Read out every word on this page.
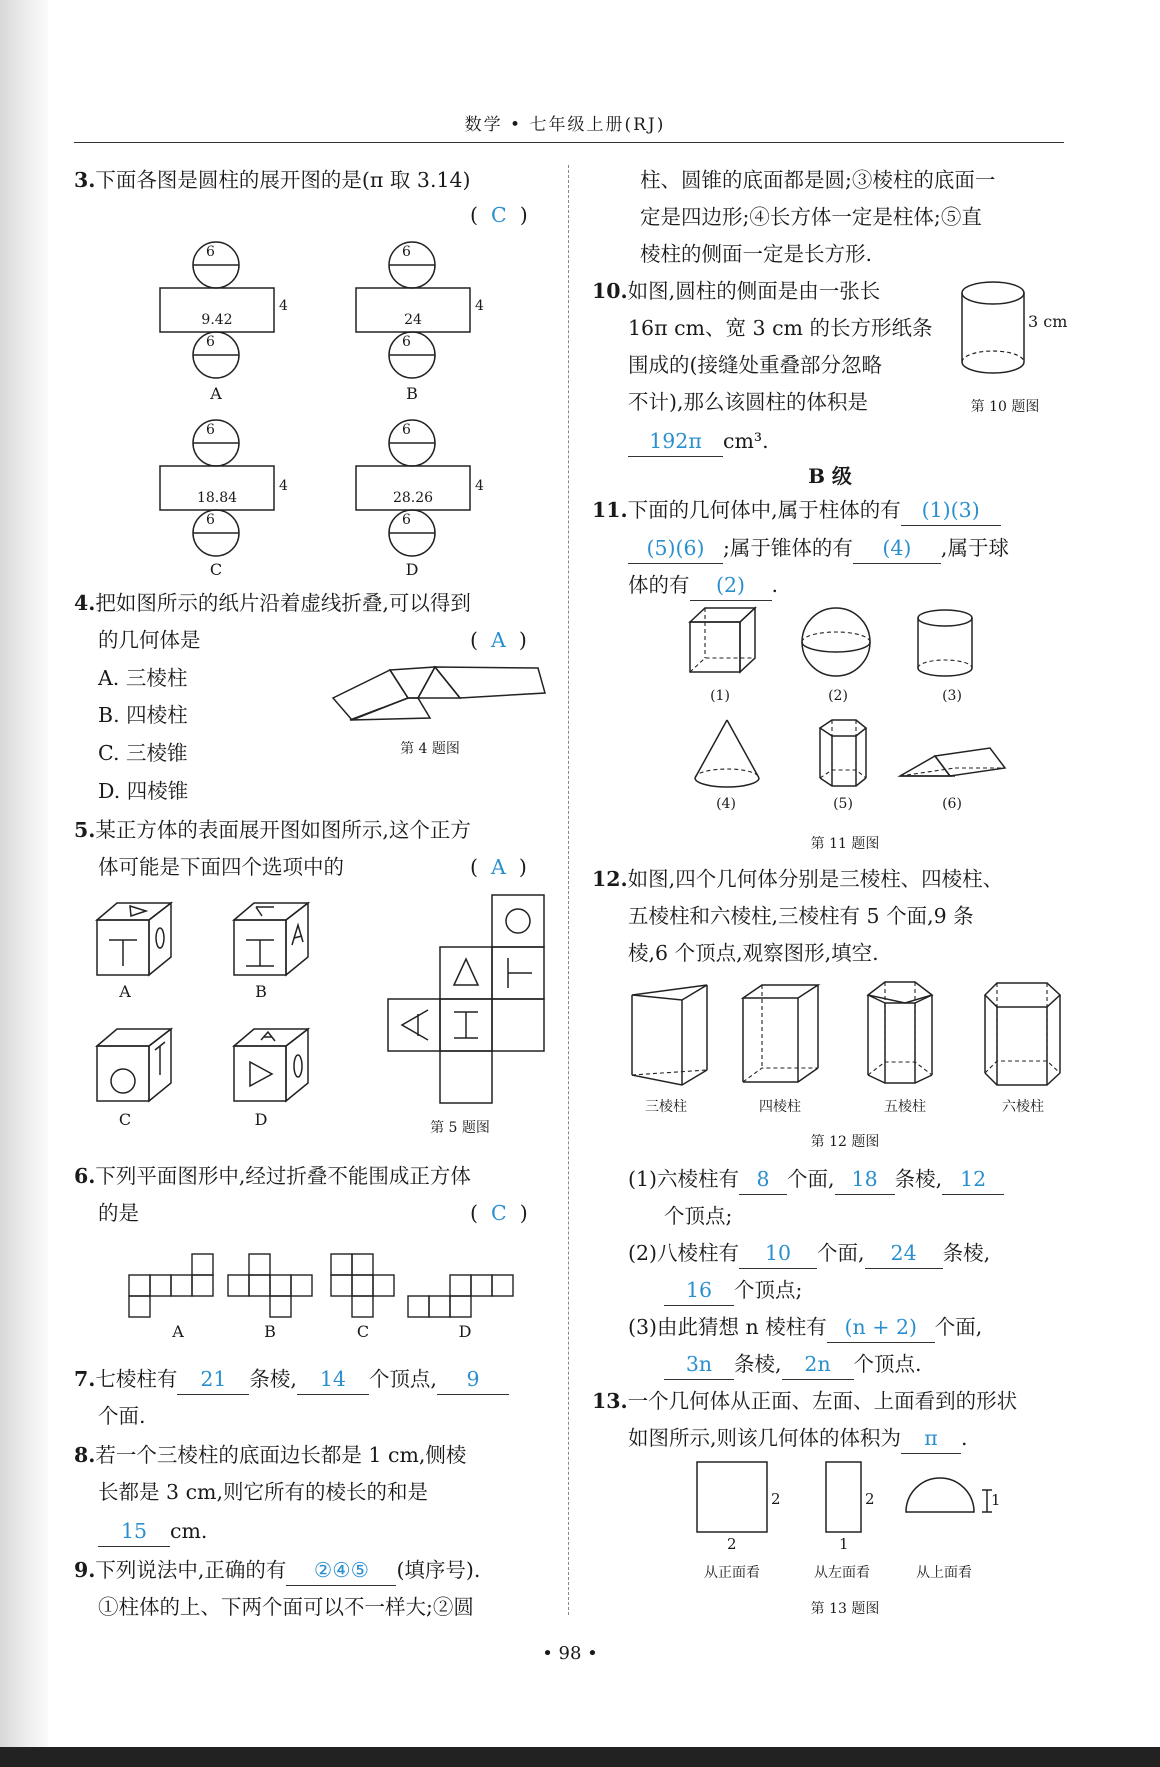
数学 • 七年级上册(RJ)
3.下面各图是圆柱的展开图的是(π 取 3.14)
(  C  )
6
6
6
6
6
6
6
6
4	4
4	4
9.42	24
18.84	28.26
A	B
C	D
4.把如图所示的纸片沿着虚线折叠,可以得到
的几何体是	(  A  )
A. 三棱柱
B. 四棱柱
C. 三棱锥
D. 四棱锥
第 4 题图
5.某正方体的表面展开图如图所示,这个正方
体可能是下面四个选项中的	(  A  )
A	B
C	D	第 5 题图
6.下列平面图形中,经过折叠不能围成正方体
的是	(  C  )
A	B	C	D
7.七棱柱有 21 条棱, 14 个顶点, 9
个面.
8.若一个三棱柱的底面边长都是 1 cm,侧棱
长都是 3 cm,则它所有的棱长的和是
15 cm.
9.下列说法中,正确的有 ②④⑤ (填序号).
①柱体的上、下两个面可以不一样大;②圆
柱、圆锥的底面都是圆;③棱柱的底面一
定是四边形;④长方体一定是柱体;⑤直
棱柱的侧面一定是长方形.
10.如图,圆柱的侧面是由一张长
16π cm、宽 3 cm 的长方形纸条
围成的(接缝处重叠部分忽略
不计),那么该圆柱的体积是
192π cm³.
3 cm
第 10 题图
B 级
11.下面的几何体中,属于柱体的有 (1)(3)
(5)(6) ;属于锥体的有 (4) ,属于球
体的有 (2) .
(1)	(2)	(3)
(4)	(5)	(6)
第 11 题图
12.如图,四个几何体分别是三棱柱、四棱柱、
五棱柱和六棱柱,三棱柱有 5 个面,9 条
棱,6 个顶点,观察图形,填空.
三棱柱	四棱柱	五棱柱	六棱柱
第 12 题图
(1)六棱柱有 8 个面, 18 条棱, 12
个顶点;
(2)八棱柱有 10 个面, 24 条棱,
16 个顶点;
(3)由此猜想 n 棱柱有 (n + 2) 个面,
3n 条棱, 2n 个顶点.
13.一个几何体从正面、左面、上面看到的形状
如图所示,则该几何体的体积为 π .
2
2
2
1
1
从正面看	从左面看	从上面看
第 13 题图
• 98 •
